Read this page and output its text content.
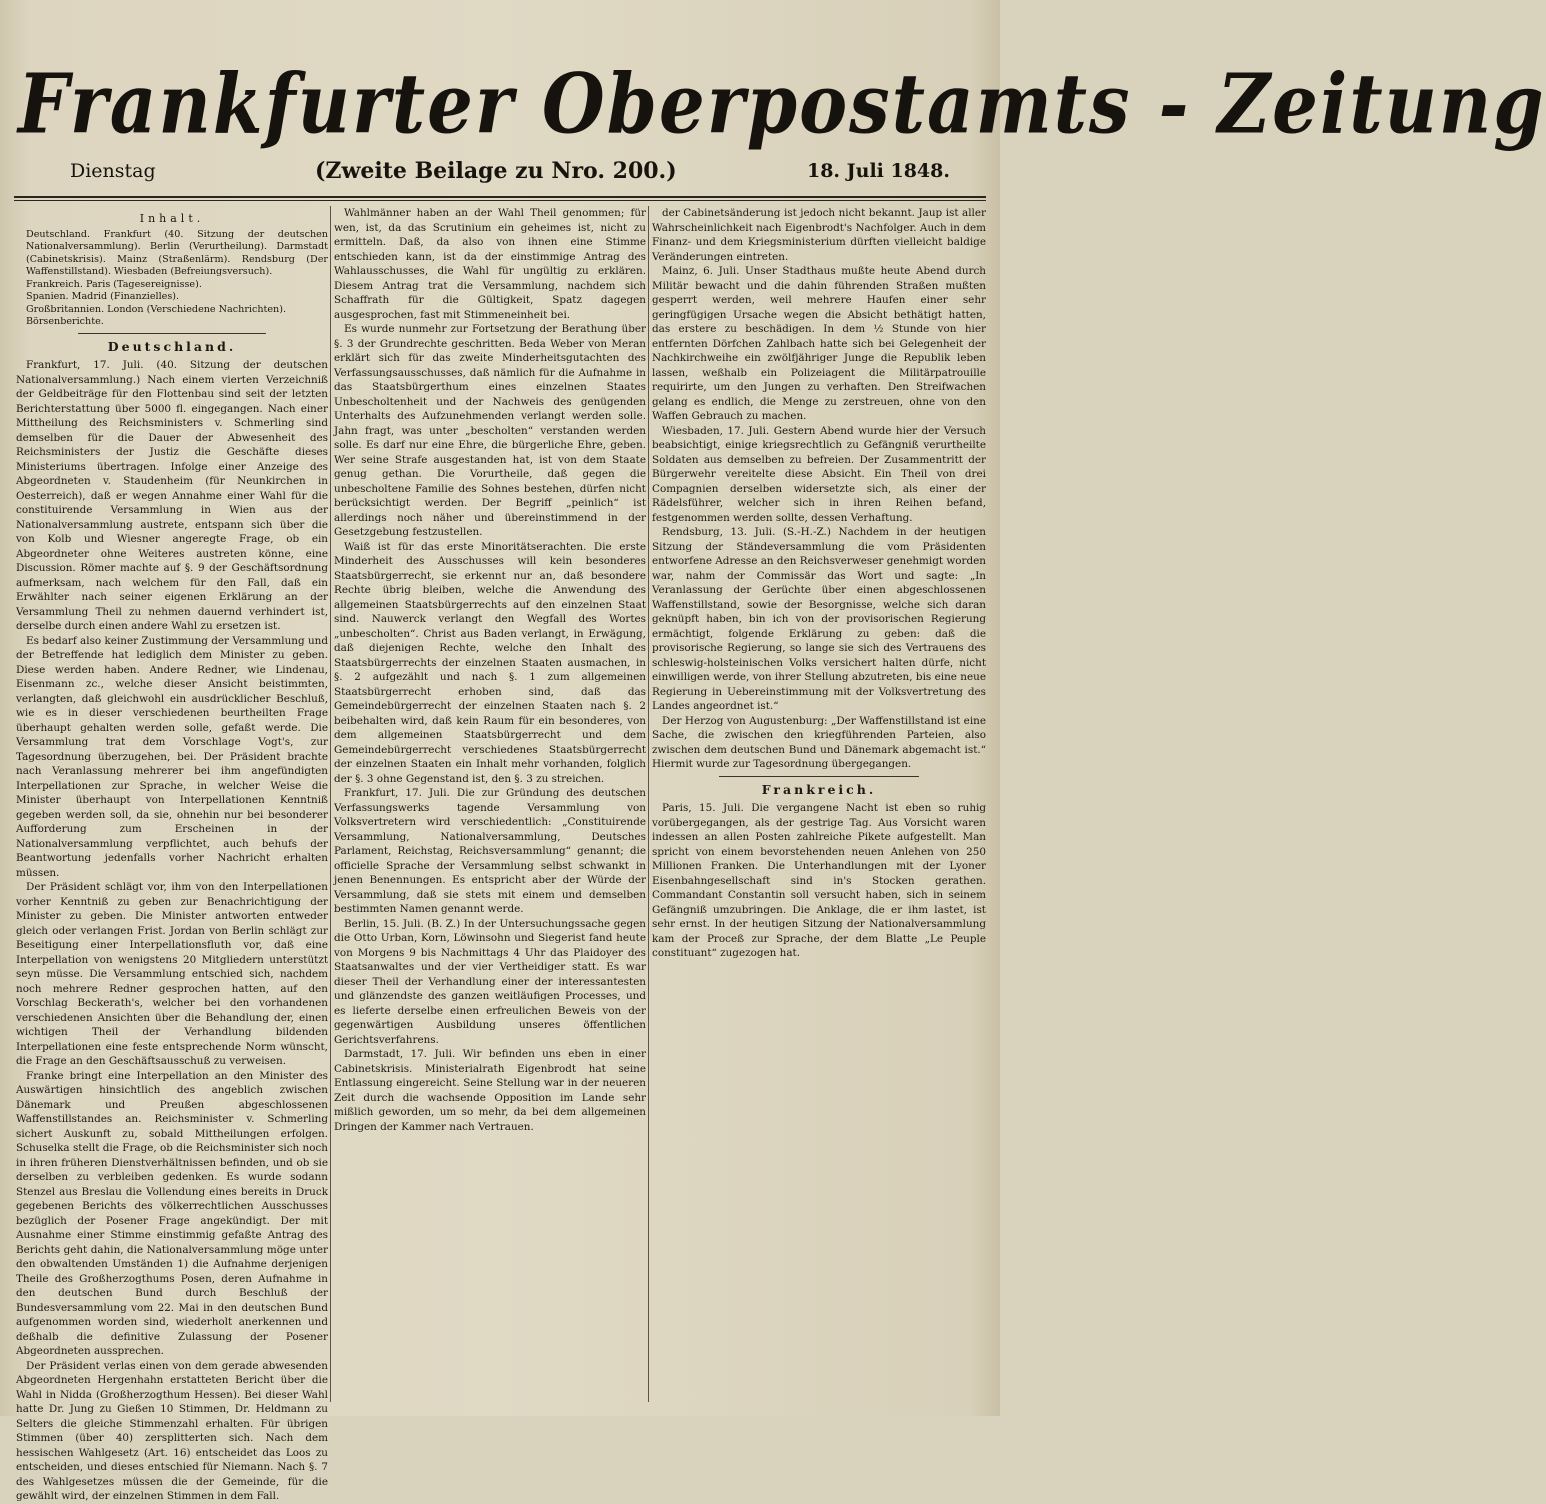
Frankfurter Oberpostamts - Zeitung
Dienstag	(Zweite Beilage zu Nro. 200.)	18. Juli 1848.
Inhalt.

Deutschland. Frankfurt (40. Sitzung der deutschen Nationalversammlung). Berlin (Verurtheilung). Darmstadt (Cabinetskrisis). Mainz (Straßenlärm). Rendsburg (Der Waffenstillstand). Wiesbaden (Befreiungsversuch).

Frankreich. Paris (Tagesereignisse).

Spanien. Madrid (Finanzielles).

Großbritannien. London (Verschiedene Nachrichten).

Börsenberichte.

Deutschland.

Frankfurt, 17. Juli. (40. Sitzung der deutschen Nationalversammlung.) Nach einem vierten Verzeichniß der Geldbeiträge für den Flottenbau sind seit der letzten Berichterstattung über 5000 fl. eingegangen. Nach einer Mittheilung des Reichsministers v. Schmerling sind demselben für die Dauer der Abwesenheit des Reichsministers der Justiz die Geschäfte dieses Ministeriums übertragen. Infolge einer Anzeige des Abgeordneten v. Staudenheim (für Neunkirchen in Oesterreich), daß er wegen Annahme einer Wahl für die constituirende Versammlung in Wien aus der Nationalversammlung austrete, entspann sich über die von Kolb und Wiesner angeregte Frage, ob ein Abgeordneter ohne Weiteres austreten könne, eine Discussion. Römer machte auf §. 9 der Geschäftsordnung aufmerksam, nach welchem für den Fall, daß ein Erwählter nach seiner eigenen Erklärung an der Versammlung Theil zu nehmen dauernd verhindert ist, derselbe durch einen andere Wahl zu ersetzen ist.

Es bedarf also keiner Zustimmung der Versammlung und der Betreffende hat lediglich dem Minister zu geben. Diese werden haben. Andere Redner, wie Lindenau, Eisenmann zc., welche dieser Ansicht beistimmten, verlangten, daß gleichwohl ein ausdrücklicher Beschluß, wie es in dieser verschiedenen beurtheilten Frage überhaupt gehalten werden solle, gefaßt werde. Die Versammlung trat dem Vorschlage Vogt's, zur Tagesordnung überzugehen, bei. Der Präsident brachte nach Veranlassung mehrerer bei ihm angefündigten Interpellationen zur Sprache, in welcher Weise die Minister überhaupt von Interpellationen Kenntniß gegeben werden soll, da sie, ohnehin nur bei besonderer Aufforderung zum Erscheinen in der Nationalversammlung verpflichtet, auch behufs der Beantwortung jedenfalls vorher Nachricht erhalten müssen.

Der Präsident schlägt vor, ihm von den Interpellationen vorher Kenntniß zu geben zur Benachrichtigung der Minister zu geben. Die Minister antworten entweder gleich oder verlangen Frist. Jordan von Berlin schlägt zur Beseitigung einer Interpellationsfluth vor, daß eine Interpellation von wenigstens 20 Mitgliedern unterstützt seyn müsse. Die Versammlung entschied sich, nachdem noch mehrere Redner gesprochen hatten, auf den Vorschlag Beckerath's, welcher bei den vorhandenen verschiedenen Ansichten über die Behandlung der, einen wichtigen Theil der Verhandlung bildenden Interpellationen eine feste entsprechende Norm wünscht, die Frage an den Geschäftsausschuß zu verweisen.

Franke bringt eine Interpellation an den Minister des Auswärtigen hinsichtlich des angeblich zwischen Dänemark und Preußen abgeschlossenen Waffenstillstandes an. Reichsminister v. Schmerling sichert Auskunft zu, sobald Mittheilungen erfolgen. Schuselka stellt die Frage, ob die Reichsminister sich noch in ihren früheren Dienstverhältnissen befinden, und ob sie derselben zu verbleiben gedenken. Es wurde sodann Stenzel aus Breslau die Vollendung eines bereits in Druck gegebenen Berichts des völkerrechtlichen Ausschusses bezüglich der Posener Frage angekündigt. Der mit Ausnahme einer Stimme einstimmig gefaßte Antrag des Berichts geht dahin, die Nationalversammlung möge unter den obwaltenden Umständen 1) die Aufnahme derjenigen Theile des Großherzogthums Posen, deren Aufnahme in den deutschen Bund durch Beschluß der Bundesversammlung vom 22. Mai in den deutschen Bund aufgenommen worden sind, wiederholt anerkennen und deßhalb die definitive Zulassung der Posener Abgeordneten aussprechen.

Der Präsident verlas einen von dem gerade abwesenden Abgeordneten Hergenhahn erstatteten Bericht über die Wahl in Nidda (Großherzogthum Hessen). Bei dieser Wahl hatte Dr. Jung zu Gießen 10 Stimmen, Dr. Heldmann zu Selters die gleiche Stimmenzahl erhalten. Für übrigen Stimmen (über 40) zersplitterten sich. Nach dem hessischen Wahlgesetz (Art. 16) entscheidet das Loos zu entscheiden, und dieses entschied für Niemann. Nach §. 7 des Wahlgesetzes müssen die der Gemeinde, für die gewählt wird, der einzelnen Stimmen in dem Fall.

Wahlmänner haben an der Wahl Theil genommen; für wen, ist, da das Scrutinium ein geheimes ist, nicht zu ermitteln. Daß, da also von ihnen eine Stimme entschieden kann, ist da der einstimmige Antrag des Wahlausschusses, die Wahl für ungültig zu erklären. Diesem Antrag trat die Versammlung, nachdem sich Schaffrath für die Gültigkeit, Spatz dagegen ausgesprochen, fast mit Stimmeneinheit bei.

Es wurde nunmehr zur Fortsetzung der Berathung über §. 3 der Grundrechte geschritten. Beda Weber von Meran erklärt sich für das zweite Minderheitsgutachten des Verfassungsausschusses, daß nämlich für die Aufnahme in das Staatsbürgerthum eines einzelnen Staates Unbescholtenheit und der Nachweis des genügenden Unterhalts des Aufzunehmenden verlangt werden solle. Jahn fragt, was unter „bescholten“ verstanden werden solle. Es darf nur eine Ehre, die bürgerliche Ehre, geben. Wer seine Strafe ausgestanden hat, ist von dem Staate genug gethan. Die Vorurtheile, daß gegen die unbescholtene Familie des Sohnes bestehen, dürfen nicht berücksichtigt werden. Der Begriff „peinlich“ ist allerdings noch näher und übereinstimmend in der Gesetzgebung festzustellen.

Waiß ist für das erste Minoritätserachten. Die erste Minderheit des Ausschusses will kein besonderes Staatsbürgerrecht, sie erkennt nur an, daß besondere Rechte übrig bleiben, welche die Anwendung des allgemeinen Staatsbürgerrechts auf den einzelnen Staat sind. Nauwerck verlangt den Wegfall des Wortes „unbescholten“. Christ aus Baden verlangt, in Erwägung, daß diejenigen Rechte, welche den Inhalt des Staatsbürgerrechts der einzelnen Staaten ausmachen, in §. 2 aufgezählt und nach §. 1 zum allgemeinen Staatsbürgerrecht erhoben sind, daß das Gemeindebürgerrecht der einzelnen Staaten nach §. 2 beibehalten wird, daß kein Raum für ein besonderes, von dem allgemeinen Staatsbürgerrecht und dem Gemeindebürgerrecht verschiedenes Staatsbürgerrecht der einzelnen Staaten ein Inhalt mehr vorhanden, folglich der §. 3 ohne Gegenstand ist, den §. 3 zu streichen.

Frankfurt, 17. Juli. Die zur Gründung des deutschen Verfassungswerks tagende Versammlung von Volksvertretern wird verschiedentlich: „Constituirende Versammlung, Nationalversammlung, Deutsches Parlament, Reichstag, Reichsversammlung“ genannt; die officielle Sprache der Versammlung selbst schwankt in jenen Benennungen. Es entspricht aber der Würde der Versammlung, daß sie stets mit einem und demselben bestimmten Namen genannt werde.

Berlin, 15. Juli. (B. Z.) In der Untersuchungssache gegen die Otto Urban, Korn, Löwinsohn und Siegerist fand heute von Morgens 9 bis Nachmittags 4 Uhr das Plaidoyer des Staatsanwaltes und der vier Vertheidiger statt. Es war dieser Theil der Verhandlung einer der interessantesten und glänzendste des ganzen weitläufigen Processes, und es lieferte derselbe einen erfreulichen Beweis von der gegenwärtigen Ausbildung unseres öffentlichen Gerichtsverfahrens.

Darmstadt, 17. Juli. Wir befinden uns eben in einer Cabinetskrisis. Ministerialrath Eigenbrodt hat seine Entlassung eingereicht. Seine Stellung war in der neueren Zeit durch die wachsende Opposition im Lande sehr mißlich geworden, um so mehr, da bei dem allgemeinen Dringen der Kammer nach Vertrauen.

der Cabinetsänderung ist jedoch nicht bekannt. Jaup ist aller Wahrscheinlichkeit nach Eigenbrodt's Nachfolger. Auch in dem Finanz- und dem Kriegsministerium dürften vielleicht baldige Veränderungen eintreten.

Mainz, 6. Juli. Unser Stadthaus mußte heute Abend durch Militär bewacht und die dahin führenden Straßen mußten gesperrt werden, weil mehrere Haufen einer sehr geringfügigen Ursache wegen die Absicht bethätigt hatten, das erstere zu beschädigen. In dem ½ Stunde von hier entfernten Dörfchen Zahlbach hatte sich bei Gelegenheit der Nachkirchweihe ein zwölfjähriger Junge die Republik leben lassen, weßhalb ein Polizeiagent die Militärpatrouille requirirte, um den Jungen zu verhaften. Den Streifwachen gelang es endlich, die Menge zu zerstreuen, ohne von den Waffen Gebrauch zu machen.

Wiesbaden, 17. Juli. Gestern Abend wurde hier der Versuch beabsichtigt, einige kriegsrechtlich zu Gefängniß verurtheilte Soldaten aus demselben zu befreien. Der Zusammentritt der Bürgerwehr vereitelte diese Absicht. Ein Theil von drei Compagnien derselben widersetzte sich, als einer der Rädelsführer, welcher sich in ihren Reihen befand, festgenommen werden sollte, dessen Verhaftung.

Rendsburg, 13. Juli. (S.-H.-Z.) Nachdem in der heutigen Sitzung der Ständeversammlung die vom Präsidenten entworfene Adresse an den Reichsverweser genehmigt worden war, nahm der Commissär das Wort und sagte: „In Veranlassung der Gerüchte über einen abgeschlossenen Waffenstillstand, sowie der Besorgnisse, welche sich daran geknüpft haben, bin ich von der provisorischen Regierung ermächtigt, folgende Erklärung zu geben: daß die provisorische Regierung, so lange sie sich des Vertrauens des schleswig-holsteinischen Volks versichert halten dürfe, nicht einwilligen werde, von ihrer Stellung abzutreten, bis eine neue Regierung in Uebereinstimmung mit der Volksvertretung des Landes angeordnet ist.“

Der Herzog von Augustenburg: „Der Waffenstillstand ist eine Sache, die zwischen den kriegführenden Parteien, also zwischen dem deutschen Bund und Dänemark abgemacht ist.“ Hiermit wurde zur Tagesordnung übergegangen.

Frankreich.

Paris, 15. Juli. Die vergangene Nacht ist eben so ruhig vorübergegangen, als der gestrige Tag. Aus Vorsicht waren indessen an allen Posten zahlreiche Pikete aufgestellt. Man spricht von einem bevorstehenden neuen Anlehen von 250 Millionen Franken. Die Unterhandlungen mit der Lyoner Eisenbahngesellschaft sind in's Stocken gerathen. Commandant Constantin soll versucht haben, sich in seinem Gefängniß umzubringen. Die Anklage, die er ihm lastet, ist sehr ernst. In der heutigen Sitzung der Nationalversammlung kam der Proceß zur Sprache, der dem Blatte „Le Peuple constituant“ zugezogen hat.
